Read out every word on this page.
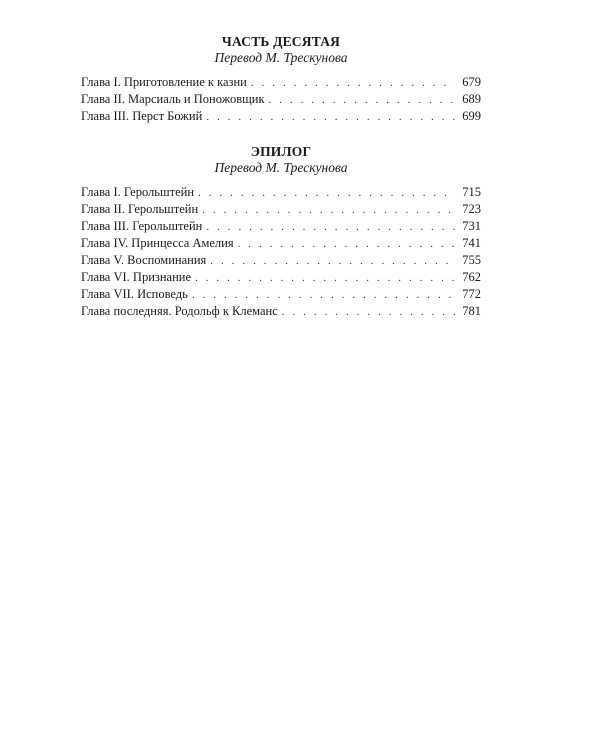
ЧАСТЬ ДЕСЯТАЯ
Перевод М. Трескунова
Глава I. Приготовление к казни . . .	679
Глава II. Марсиаль и Поножовщик . . .	689
Глава III. Перст Божий . . .	699
ЭПИЛОГ
Перевод М. Трескунова
Глава I. Герольштейн . . .	715
Глава II. Герольштейн . . .	723
Глава III. Герольштейн . . .	731
Глава IV. Принцесса Амелия . . .	741
Глава V. Воспоминания . . .	755
Глава VI. Признание . . .	762
Глава VII. Исповедь . . .	772
Глава последняя. Родольф к Клеманс . . .	781
